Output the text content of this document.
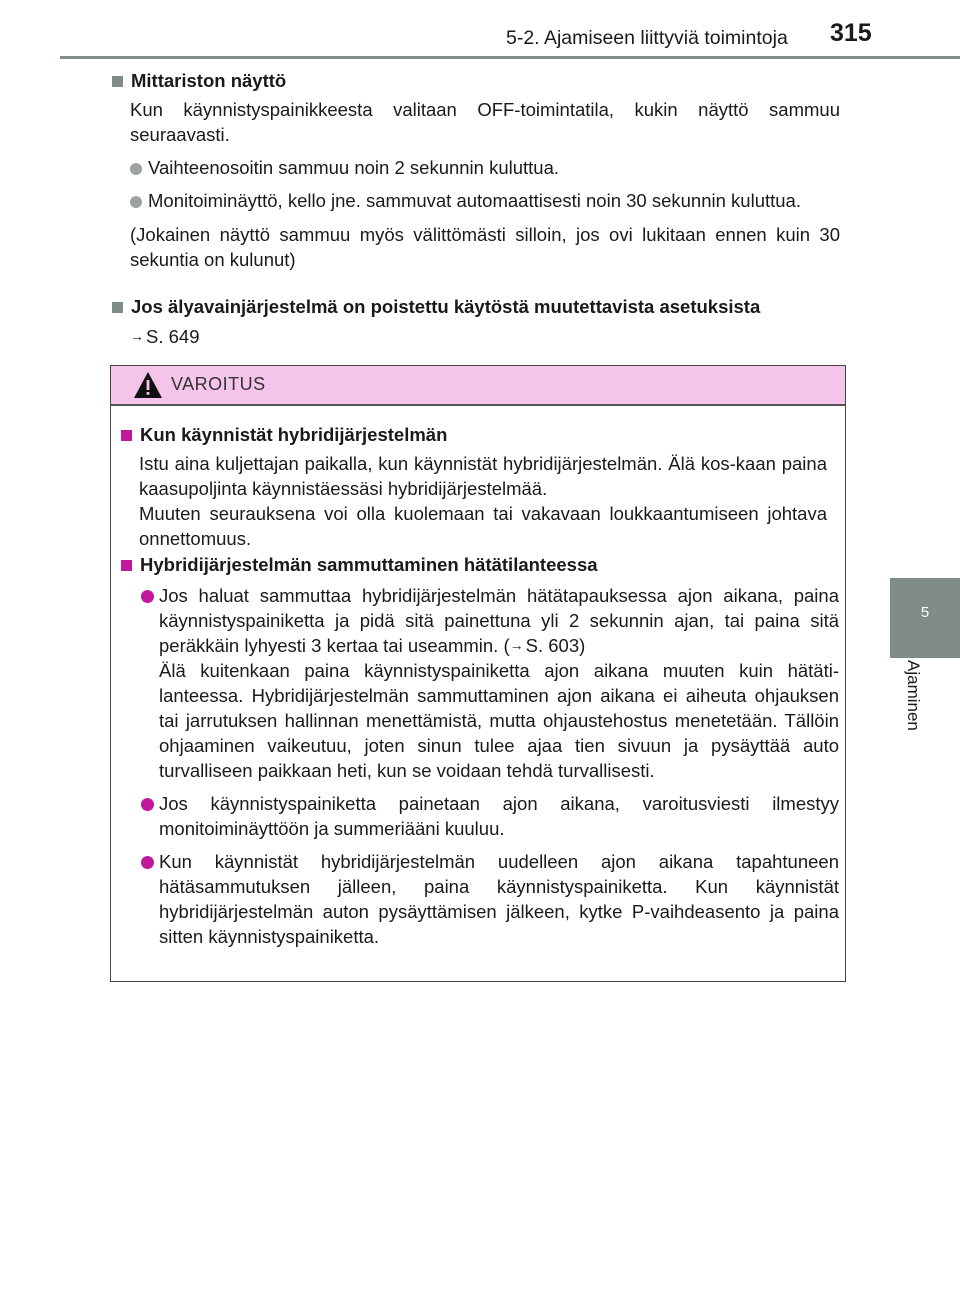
5-2. Ajamiseen liittyviä toimintoja 315
5
Ajaminen
Mittariston näyttö
Kun käynnistyspainikkeesta valitaan OFF-toimintatila, kukin näyttö sammuu seuraavasti.
Vaihteenosoitin sammuu noin 2 sekunnin kuluttua.
Monitoiminäyttö, kello jne. sammuvat automaattisesti noin 30 sekunnin kuluttua.
(Jokainen näyttö sammuu myös välittömästi silloin, jos ovi lukitaan ennen kuin 30 sekuntia on kulunut)
Jos älyavainjärjestelmä on poistettu käytöstä muutettavista asetuksista
→ S. 649
VAROITUS
Kun käynnistät hybridijärjestelmän
Istu aina kuljettajan paikalla, kun käynnistät hybridijärjestelmän. Älä kos-kaan paina kaasupoljinta käynnistäessäsi hybridijärjestelmää.
Muuten seurauksena voi olla kuolemaan tai vakavaan loukkaantumiseen johtava onnettomuus.
Hybridijärjestelmän sammuttaminen hätätilanteessa
Jos haluat sammuttaa hybridijärjestelmän hätätapauksessa ajon aikana, paina käynnistyspainiketta ja pidä sitä painettuna yli 2 sekunnin ajan, tai paina sitä peräkkäin lyhyesti 3 kertaa tai useammin. (→ S. 603)
Älä kuitenkaan paina käynnistyspainiketta ajon aikana muuten kuin hätäti-lanteessa. Hybridijärjestelmän sammuttaminen ajon aikana ei aiheuta ohjauksen tai jarrutuksen hallinnan menettämistä, mutta ohjaustehostus menetetään. Tällöin ohjaaminen vaikeutuu, joten sinun tulee ajaa tien sivuun ja pysäyttää auto turvalliseen paikkaan heti, kun se voidaan tehdä turvallisesti.
Jos käynnistyspainiketta painetaan ajon aikana, varoitusviesti ilmestyy monitoiminäyttöön ja summeriääni kuuluu.
Kun käynnistät hybridijärjestelmän uudelleen ajon aikana tapahtuneen hätäsammutuksen jälleen, paina käynnistyspainiketta. Kun käynnistät hybridijärjestelmän auton pysäyttämisen jälkeen, kytke P-vaihdeasento ja paina sitten käynnistyspainiketta.
